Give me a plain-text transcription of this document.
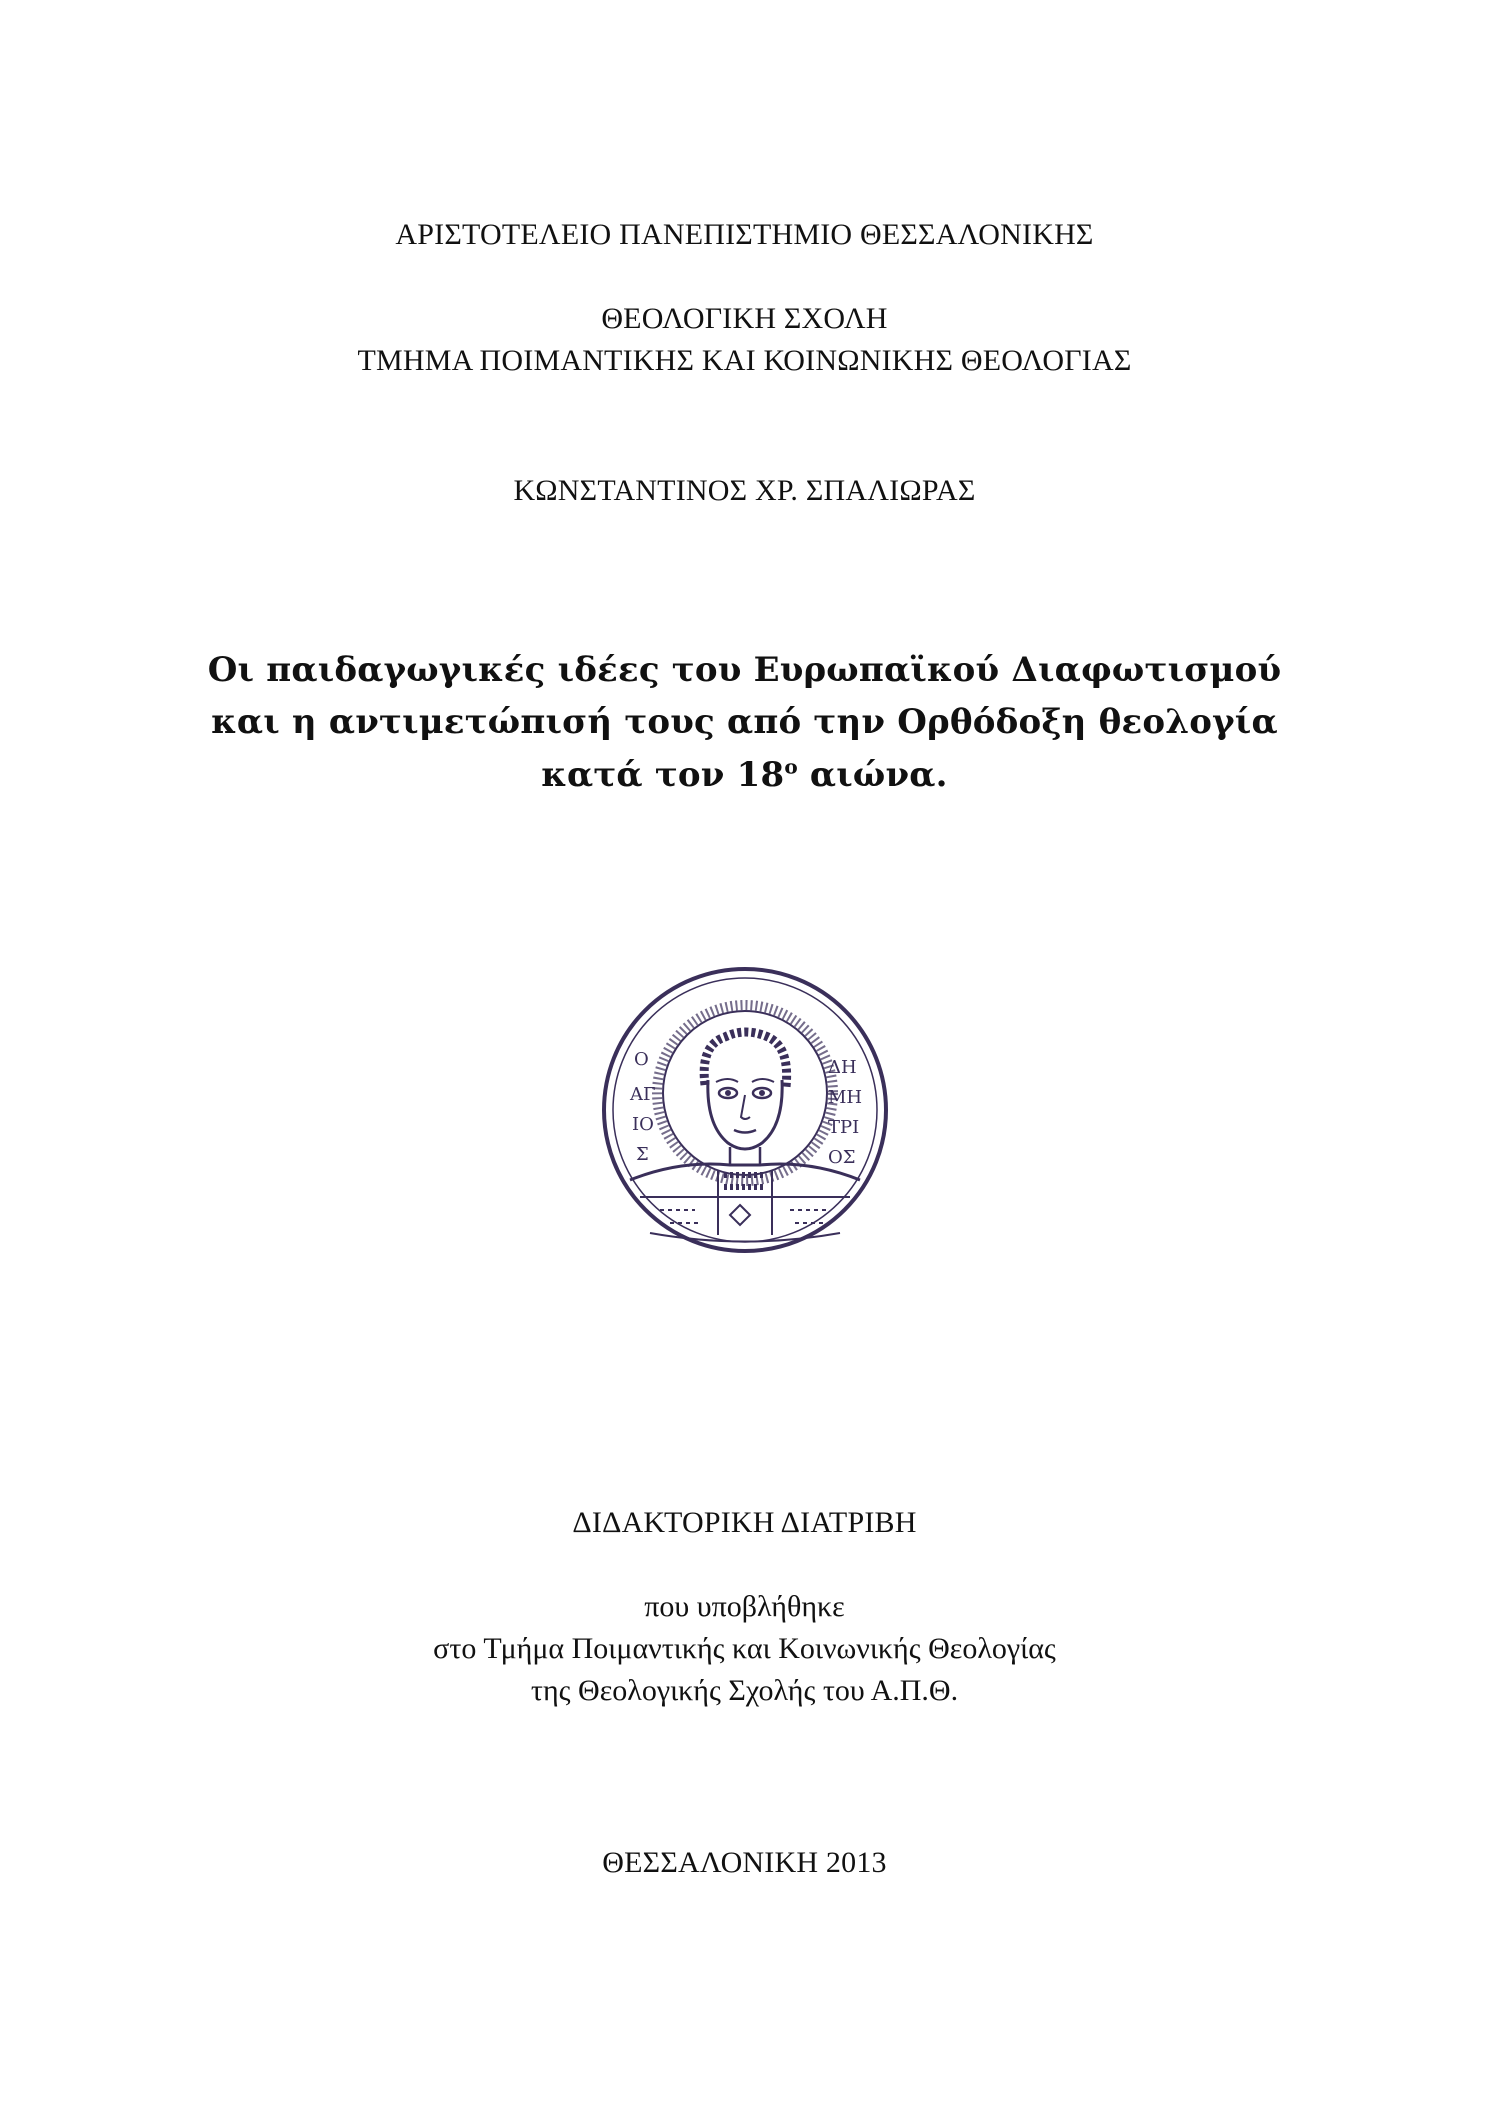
ΑΡΙΣΤΟΤΕΛΕΙΟ ΠΑΝΕΠΙΣΤΗΜΙΟ ΘΕΣΣΑΛΟΝΙΚΗΣ
ΘΕΟΛΟΓΙΚΗ ΣΧΟΛΗ
ΤΜΗΜΑ ΠΟΙΜΑΝΤΙΚΗΣ ΚΑΙ ΚΟΙΝΩΝΙΚΗΣ ΘΕΟΛΟΓΙΑΣ
ΚΩΝΣΤΑΝΤΙΝΟΣ ΧΡ. ΣΠΑΛΙΩΡΑΣ
Οι παιδαγωγικές ιδέες του Ευρωπαϊκού Διαφωτισμού
και η αντιμετώπισή τους από την Ορθόδοξη θεολογία
κατά τον $18^o$ αιώνα.
Ο
ΑΓ
ΙΟ
Σ
ΔΗ
ΜΗ
ΤΡΙ
ΟΣ
ΔΙΔΑΚΤΟΡΙΚΗ ΔΙΑΤΡΙΒΗ
που υποβλήθηκε
στο Τμήμα Ποιμαντικής και Κοινωνικής Θεολογίας
της Θεολογικής Σχολής του Α.Π.Θ.
ΘΕΣΣΑΛΟΝΙΚΗ 2013
